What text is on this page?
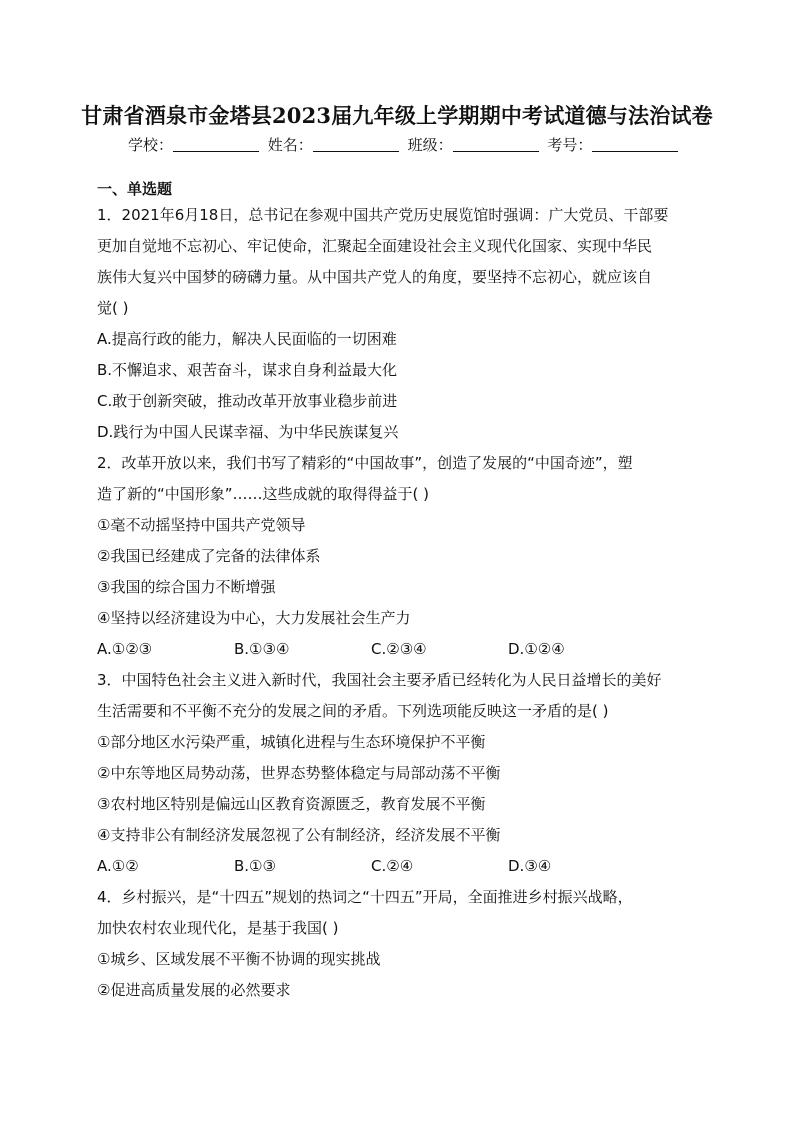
甘肃省酒泉市金塔县2023届九年级上学期期中考试道德与法治试卷
学校：	姓名：	班级：	考号：
一、单选题
1．2021年6月18日，总书记在参观中国共产党历史展览馆时强调：广大党员、干部要
更加自觉地不忘初心、牢记使命，汇聚起全面建设社会主义现代化国家、实现中华民
族伟大复兴中国梦的磅礴力量。从中国共产党人的角度，要坚持不忘初心，就应该自
觉( )
A.提高行政的能力，解决人民面临的一切困难
B.不懈追求、艰苦奋斗，谋求自身利益最大化
C.敢于创新突破，推动改革开放事业稳步前进
D.践行为中国人民谋幸福、为中华民族谋复兴
2．改革开放以来，我们书写了精彩的“中国故事”，创造了发展的“中国奇迹”，塑
造了新的“中国形象”……这些成就的取得得益于( )
①毫不动摇坚持中国共产党领导
②我国已经建成了完备的法律体系
③我国的综合国力不断增强
④坚持以经济建设为中心，大力发展社会生产力
A.①②③	B.①③④	C.②③④	D.①②④
3．中国特色社会主义进入新时代，我国社会主要矛盾已经转化为人民日益增长的美好
生活需要和不平衡不充分的发展之间的矛盾。下列选项能反映这一矛盾的是( )
①部分地区水污染严重，城镇化进程与生态环境保护不平衡
②中东等地区局势动荡，世界态势整体稳定与局部动荡不平衡
③农村地区特别是偏远山区教育资源匮乏，教育发展不平衡
④支持非公有制经济发展忽视了公有制经济，经济发展不平衡
A.①②	B.①③	C.②④	D.③④
4．乡村振兴，是“十四五”规划的热词之“十四五”开局，全面推进乡村振兴战略，
加快农村农业现代化，是基于我国( )
①城乡、区域发展不平衡不协调的现实挑战
②促进高质量发展的必然要求
